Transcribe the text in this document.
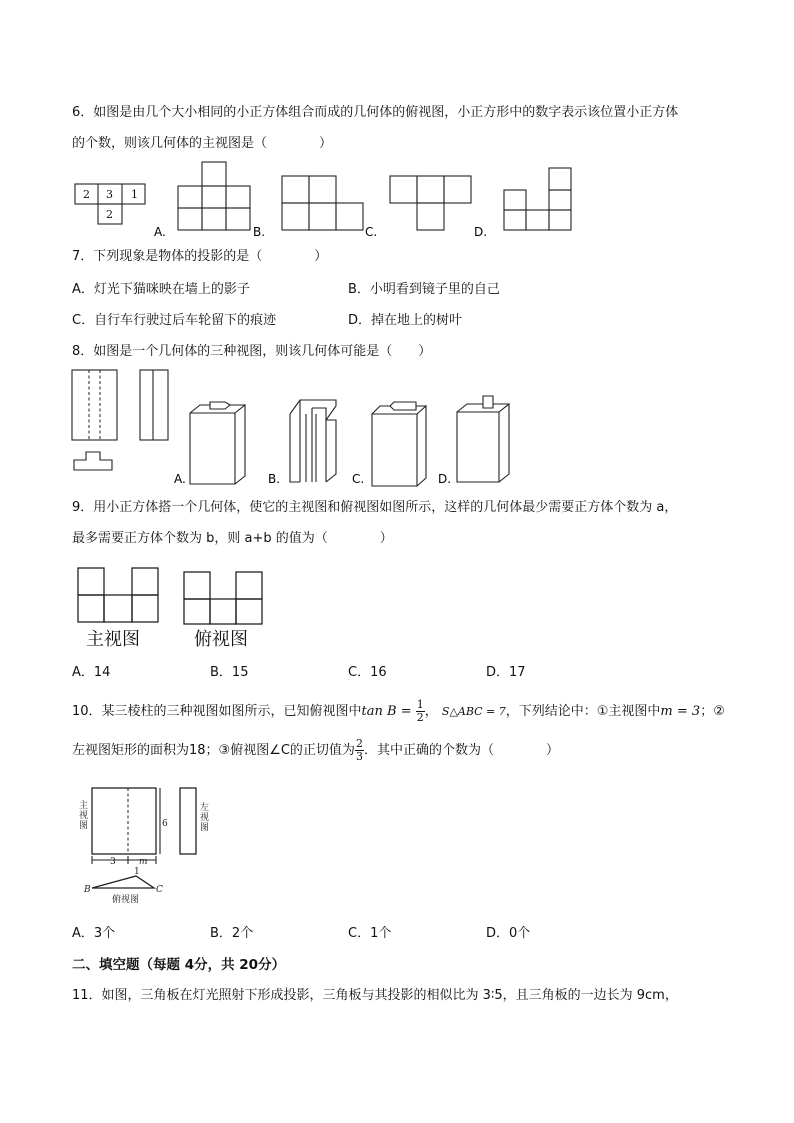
6．如图是由几个大小相同的小正方体组合而成的几何体的俯视图，小正方形中的数字表示该位置小正方体
的个数，则该几何体的主视图是（　　　　）
2 3 1
2
A.	B.	C.	D.
7．下列现象是物体的投影的是（　　　　）
A．灯光下猫咪映在墙上的影子	B．小明看到镜子里的自己
C．自行车行驶过后车轮留下的痕迹	D．掉在地上的树叶
8．如图是一个几何体的三种视图，则该几何体可能是（　　）
A.	B.	C.	D.
9．用小正方体搭一个几何体，使它的主视图和俯视图如图所示，这样的几何体最少需要正方体个数为 a，
最多需要正方体个数为 b，则 a+b 的值为（　　　　）
主视图	俯视图
A．14	B．15	C．16	D．17
10．某三棱柱的三种视图如图所示，已知俯视图中$\tan B = \frac{1}{2}$ ， S△ABC = 7，下列结论中：①主视图中m = 3；②
左视图矩形的面积为18；③俯视图∠C的正切值为 $\frac{2}{3}$ ．其中正确的个数为（　　　　）
主 视 图	6
3	m
左 视 图
1
B	C
俯视图
A．3个	B．2个	C．1个	D．0个
二、填空题（每题 4分，共 20分）
11．如图，三角板在灯光照射下形成投影，三角板与其投影的相似比为 3∶5，且三角板的一边长为 9cm，
